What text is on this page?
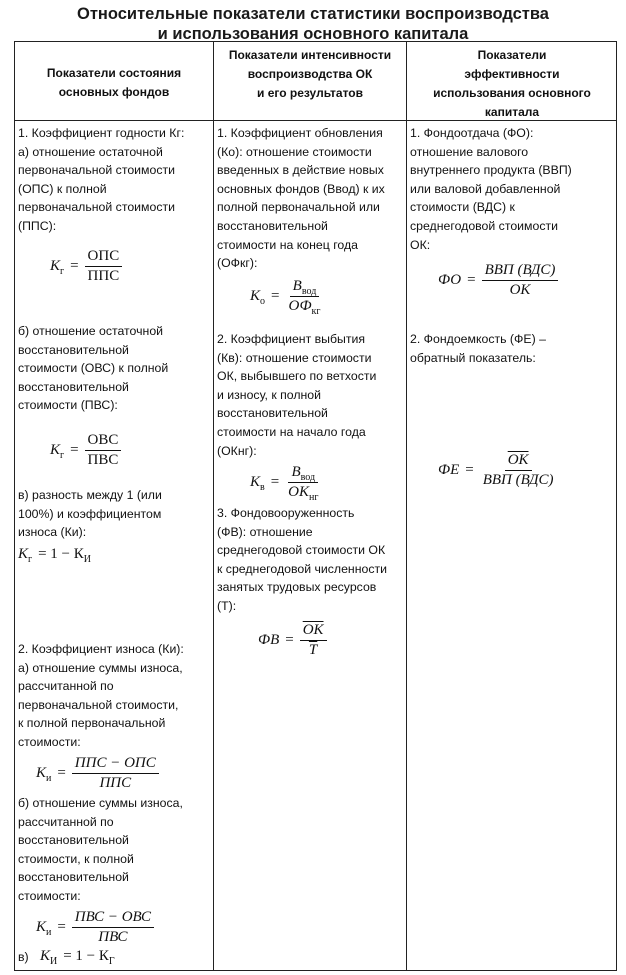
Относительные показатели статистики воспроизводства
и использования основного капитала
Показатели состояния
основных фондов
Показатели интенсивности
воспроизводства ОК
и его результатов
Показатели
эффективности
использования основного
капитала
1. Коэффициент годности Кг:
а) отношение остаточной
первоначальной стоимости
(ОПС) к полной
первоначальной стоимости
(ППС):
$К_г = \frac{\text{ОПС}}{\text{ППС}}$
б) отношение остаточной
восстановительной
стоимости (ОВС) к полной
восстановительной
стоимости (ПВС):
$К_г = \frac{\text{ОВС}}{\text{ПВС}}$
в) разность между 1 (или
100%) и коэффициентом
износа (Ки):
$К_г = 1 - К_И$
2. Коэффициент износа (Ки):
а) отношение суммы износа,
рассчитанной по
первоначальной стоимости,
к полной первоначальной
стоимости:
$К_и = \frac{\text{ППС − ОПС}}{\text{ППС}}$
б) отношение суммы износа,
рассчитанной по
восстановительной
стоимости, к полной
восстановительной
стоимости:
$К_и = \frac{\text{ПВС − ОВС}}{\text{ПВС}}$
в) $К_И = 1 - К_Г$
1. Коэффициент обновления
(Ко): отношение стоимости
введенных в действие новых
основных фондов (Ввод) к их
полной первоначальной или
восстановительной
стоимости на конец года
(ОФкг):
$К_о = \frac{В_{вод}}{ОФ_{кг}}$
2. Коэффициент выбытия
(Кв): отношение стоимости
ОК, выбывшего по ветхости
и износу, к полной
восстановительной
стоимости на начало года
(ОКнг):
$К_в = \frac{В_{вод}}{ОК_{нг}}$
3. Фондовооруженность
(ФВ): отношение
среднегодовой стоимости ОК
к среднегодовой численности
занятых трудовых ресурсов
(T):
ФВ = $\frac{ОК}{T}$
1. Фондоотдача (ФО):
отношение валового
внутреннего продукта (ВВП)
или валовой добавленной
стоимости (ВДС) к
среднегодовой стоимости
ОК:
ФО = $\frac{\text{ВВП (ВДС)}}{ОК}$
2. Фондоемкость (ФЕ) –
обратный показатель:
ФЕ = $\frac{ОК}{\text{ВВП (ВДС)}}$
